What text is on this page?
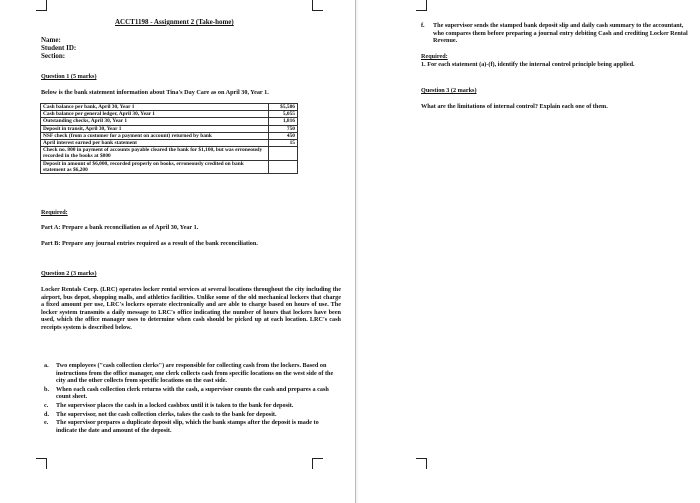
ACCT1198 - Assignment 2 (Take-home)
Name:
Student ID:
Section:
Question 1 (5 marks)
Below is the bank statement information about Tina's Day Care as on April 30, Year 1.
Cash balance per bank, April 30, Year 1	$5,586
Cash balance per general ledger, April 30, Year 1	5,055
Outstanding checks, April 30, Year 1	1,816
Deposit in transit, April 30, Year 1	750
NSF check (from a customer for a payment on account) returned by bank	450
April interest earned per bank statement	15
Check no. 800 in payment of accounts payable cleared the bank for $1,100, but was erroneously recorded in the books at $800	
Deposit in amount of $6,000, recorded properly on books, erroneously credited on bank statement as $6,200	
Required:
Part A: Prepare a bank reconciliation as of April 30, Year 1.
Part B: Prepare any journal entries required as a result of the bank reconciliation.
Question 2 (3 marks)
Locker Rentals Corp. (LRC) operates locker rental services at several locations throughout the city including the airport, bus depot, shopping malls, and athletics facilities. Unlike some of the old mechanical lockers that charge a fixed amount per use, LRC's lockers operate electronically and are able to charge based on hours of use. The locker system transmits a daily message to LRC's office indicating the number of hours that lockers have been used, which the office manager uses to determine when cash should be picked up at each location. LRC's cash receipts system is described below.
a. Two employees ("cash collection clerks") are responsible for collecting cash from the lockers. Based on instructions from the office manager, one clerk collects cash from specific locations on the west side of the city and the other collects from specific locations on the east side.
b. When each cash collection clerk returns with the cash, a supervisor counts the cash and prepares a cash count sheet.
c. The supervisor places the cash in a locked cashbox until it is taken to the bank for deposit.
d. The supervisor, not the cash collection clerks, takes the cash to the bank for deposit.
e. The supervisor prepares a duplicate deposit slip, which the bank stamps after the deposit is made to indicate the date and amount of the deposit.
f. The supervisor sends the stamped bank deposit slip and daily cash summary to the accountant, who compares them before preparing a journal entry debiting Cash and crediting Locker Rental Revenue.
Required:
1. For each statement (a)-(f), identify the internal control principle being applied.
Question 3 (2 marks)
What are the limitations of internal control? Explain each one of them.
